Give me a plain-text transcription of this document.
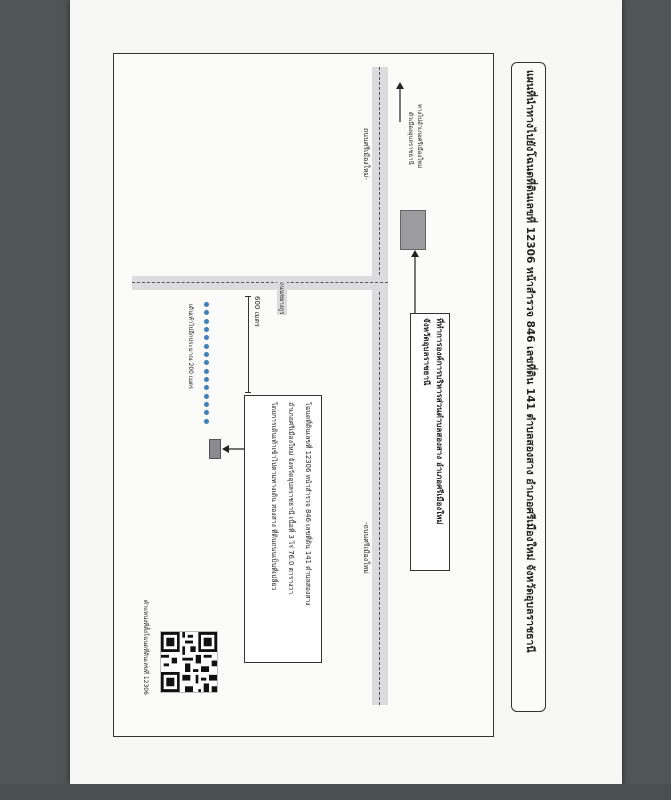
แผนที่นำทางไปยังโฉนดที่ดินเลขที่ 12306 หน้าสำรวจ 846 เลขที่ดิน 141 ตำบลสองสาง อำเภอศรีเมืองใหม่ จังหวัดอุบลราชธานี
ถนนศรีเมืองใหม่-
-ถนนศรีเมืองใหม่
ถนนชยางกูร
ทางไปอำเภอศรีเมืองใหม่
ตัวเมืองอุบลราชธานี
ที่ทำการองค์การบริหารส่วนตำบลสองสาง อำเภอศรีเมืองใหม่
จังหวัดอุบลราชธานี
600 เมตร
เดินเท้าไปอีกประมาณ 200 เมตร
โฉนดที่ดินเลขที่ 12306 หน้าสำรวจ 846 เลขที่ดิน 141 ตำบลสองสาง
อำเภอศรีเมืองใหม่ จังหวัดอุบลราชธานี เนื้อที่ 3 ไร่ 76.0 ตารางวา
โดยการเดินเท้าเข้าไปตามทางเดิน สองสาง ที่ดินถนนเป็นที่เปลี่ยว
ตำแหน่งที่ตั้งโฉนดที่ดินเลขที่ 12306
